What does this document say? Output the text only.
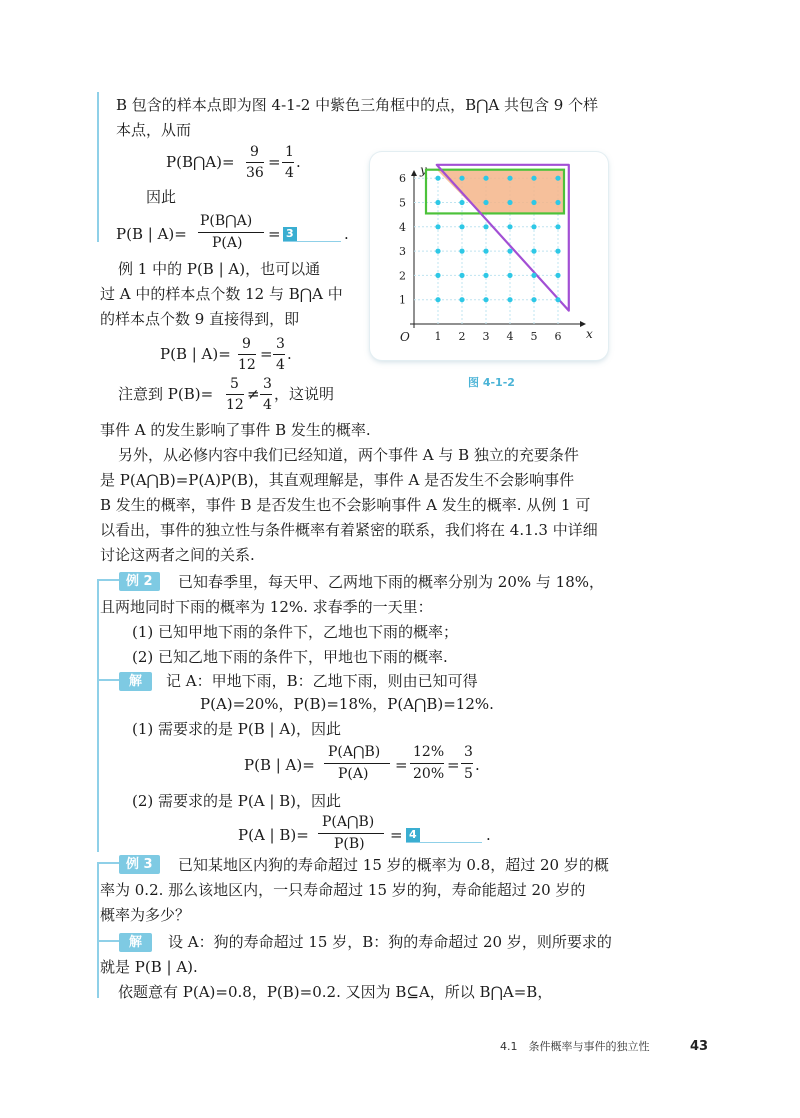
B 包含的样本点即为图 4-1-2 中紫色三角框中的点，B⋂A 共包含 9 个样
本点，从而
P(B⋂A)=
9
36
=
1
4
.
因此
P(B | A)=
P(B⋂A)
P(A) = 3	.
例 1 中的 P(B | A)，也可以通
过 A 中的样本点个数 12 与 B⋂A 中
的样本点个数 9 直接得到，即
P(B | A)=
9
12
=
3
4
.
注意到 P(B)=
5
12
≠
3
4
，这说明
事件 A 的发生影响了事件 B 发生的概率.
另外，从必修内容中我们已经知道，两个事件 A 与 B 独立的充要条件
是 P(A⋂B)=P(A)P(B)，其直观理解是，事件 A 是否发生不会影响事件
B 发生的概率，事件 B 是否发生也不会影响事件 A 发生的概率. 从例 1 可
以看出，事件的独立性与条件概率有着紧密的联系，我们将在 4.1.3 中详细
讨论这两者之间的关系.
x
y
O 1 2 3 4 5 6
1
2
3
4
5
6
图 4-1-2
例 2	已知春季里，每天甲、乙两地下雨的概率分别为 20% 与 18%，
且两地同时下雨的概率为 12%. 求春季的一天里：
(1) 已知甲地下雨的条件下，乙地也下雨的概率；
(2) 已知乙地下雨的条件下，甲地也下雨的概率.
解	记 A：甲地下雨，B：乙地下雨，则由已知可得
P(A)=20%，P(B)=18%，P(A⋂B)=12%.
(1) 需要求的是 P(B | A)，因此
P(B | A)=
P(A⋂B)
P(A) =
12%
20% =
3
5 .
(2) 需要求的是 P(A | B)，因此
P(A | B)=
P(A⋂B)
P(B) = 4	.
例 3	已知某地区内狗的寿命超过 15 岁的概率为 0.8，超过 20 岁的概
率为 0.2. 那么该地区内，一只寿命超过 15 岁的狗，寿命能超过 20 岁的
概率为多少？
解	设 A：狗的寿命超过 15 岁，B：狗的寿命超过 20 岁，则所要求的
就是 P(B | A).
依题意有 P(A)=0.8，P(B)=0.2. 又因为 B⊆A，所以 B⋂A=B，
4.1　条件概率与事件的独立性	43
